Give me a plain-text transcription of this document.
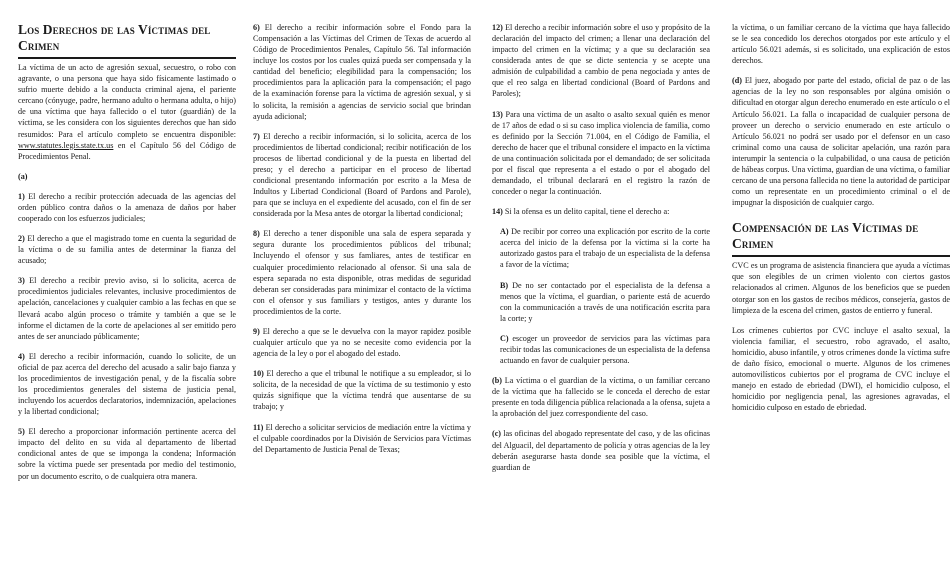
Los Derechos de las Víctimas del Crimen
La víctima de un acto de agresión sexual, secuestro, o robo con agravante, o una persona que haya sido físicamente lastimado o sufrio muerte debido a la conducta criminal ajena, el pariente cercano (cónyuge, padre, hermano adulto o hermana adulta, o hijo) de una víctima que haya fallecido o el tutor (guardián) de la víctima, se les considera con los siguientes derechos que han sido resumidos: Para el artículo completo se encuentra disponible: www.statutes.legis.state.tx.us en el Capítulo 56 del Código de Procedimientos Penal.
(a)
1) El derecho a recibir protección adecuada de las agencias del orden público contra daños o la amenaza de daños por haber cooperado con los esfuerzos judiciales;
2) El derecho a que el magistrado tome en cuenta la seguridad de la víctima o de su familia antes de determinar la fianza del acusado;
3) El derecho a recibir previo aviso, si lo solicita, acerca de procedimientos judiciales relevantes, inclusive procedimientos de apelación, cancelaciones y cualquier cambio a las fechas en que se llevará acabo algún proceso o trámite y también a que se le informe el dictamen de la corte de apelaciones al ser emitido pero antes de ser anunciado públicamente;
4) El derecho a recibir información, cuando lo solicite, de un oficial de paz acerca del derecho del acusado a salir bajo fianza y los procedimientos de investigación penal, y de la fiscalía sobre los procedimientos generales del sistema de justicia penal, incluyendo los acuerdos declaratorios, indemnización, apelaciones y la libertad condicional;
5) El derecho a proporcionar información pertinente acerca del impacto del delito en su vida al departamento de libertad condicional antes de que se imponga la condena; Información sobre la víctima puede ser presentada por medio del testimonio, por un documento escrito, o de cualquiera otra manera.
6) El derecho a recibir información sobre el Fondo para la Compensación a las Víctimas del Crimen de Texas de acuerdo al Código de Procedimientos Penales, Capítulo 56. Tal información incluye los costos por los cuales quizá pueda ser compensada y la cantidad del beneficio; elegibilidad para la compensación; los procedimientos para la aplicación para la compensación; el pago de la examinación forense para la víctima de agresión sexual, y si lo solicita, la remisión a agencias de servicio social que brindan ayuda adicional;
7) El derecho a recibir información, si lo solicita, acerca de los procedimientos de libertad condicional; recibir notificación de los procesos de libertad condicional y de la puesta en libertad del preso; y el derecho a participar en el proceso de libertad condicional presentando información por escrito a la Mesa de Indultos y Libertad Condicional (Board of Pardons and Parole), para que se incluya en el expediente del acusado, con el fin de ser considerada por la Mesa antes de otorgar la libertad condicional;
8) El derecho a tener disponible una sala de espera separada y segura durante los procedimientos públicos del tribunal; Incluyendo el ofensor y sus famliares, antes de testificar en cualquier procedimiento relacionado al ofensor. Si una sala de espera separada no esta disponible, otras medidas de seguridad deberan ser consideradas para minimizar el contacto de la víctima con el ofensor y sus familiars y testigos, antes y durante los procedimientos de la corte.
9) El derecho a que se le devuelva con la mayor rapidez posible cualquier artículo que ya no se necesite como evidencia por la agencia de la ley o por el abogado del estado.
10) El derecho a que el tribunal le notifique a su empleador, si lo solicita, de la necesidad de que la víctima de su testimonio y esto quizás signifique que la víctima tendrá que ausentarse de su trabajo; y
11) El derecho a solicitar servicios de mediación entre la víctima y el culpable coordinados por la División de Servicios para Víctimas del Departamento de Justicia Penal de Texas;
12) El derecho a recibir información sobre el uso y propósito de la declaración del impacto del crimen; a llenar una declaración del impacto del crimen en la víctima; y a que su declaración sea considerada antes de que se dicte sentencia y se acepte una admisión de culpabilidad a cambio de pena negociada y antes de que el reo salga en libertad condicional (Board of Pardons and Paroles);
13) Para una víctima de un asalto o asalto sexual quién es menor de 17 años de edad o si su caso implica violencia de familia, como es definido por la Sección 71.004, en el Código de Familia, el derecho de hacer que el tribunal considere el impacto en la víctima de una continuación solicitada por el demandado; de ser solicitada por el fiscal que representa a el estado o por el abogado del demandado, el tribunal declarará en el registro la razón de conceder o negar la continuación.
14) Si la ofensa es un delito capital, tiene el derecho a:
A) De recibir por correo una explicación por escrito de la corte acerca del inicio de la defensa por la víctima si la corte ha autorizado gastos para el trabajo de un especialista de la defensa a favor de la víctima;
B) De no ser contactado por el especialista de la defensa a menos que la víctima, el guardian, o pariente está de acuerdo con la communicación a través de una notificación escrita para la corte; y
C) escoger un proveedor de servicios para las víctimas para recibir todas las comunicaciones de un especialista de la defensa actuando en favor de cualquier persona.
(b) La víctima o el guardian de la víctima, o un familiar cercano de la víctima que ha fallecido se le conceda el derecho de estar presente en toda diligencia pública relacionada a la ofensa, sujeta a la aprobación del juez correspondiente del caso.
(c) las oficinas del abogado representate del caso, y de las oficinas del Alguacil, del departamento de policía y otras agencias de la ley deberán asegurarse hasta donde sea posible que la víctima, el guardian de
la víctima, o un familiar cercano de la víctima que haya fallecido se le sea concedido los derechos otorgados por este artículo y el artículo 56.021 además, si es solicitado, una explicación de estos derechos.
(d) El juez, abogado por parte del estado, oficial de paz o de las agencias de la ley no son responsables por algúna omisión o dificultad en otorgar algun derecho enumerado en este artículo o el Artículo 56.021. La falla o incapacidad de cualquier persona de proveer un derecho o servicio enumerado en este artículo o Artículo 56.021 no podrá ser usado por el defensor en un caso criminal como una causa de solicitar apelación, una razón para interumpir la sentencia o la culpabilidad, o una causa de petición de hábeas corpus. Una víctima, guardian de una víctima, o familiar cercano de una persona fallecida no tiene la autoridad de participar como un representate en un procedimiento criminal o el de impugnar la disposición de cualquier cargo.
Compensación de las Víctimas de Crimen
CVC es un programa de asistencia financiera que ayuda a víctimas que son elegibles de un crimen violento con ciertos gastos relacionados al crimen. Algunos de los beneficios que se pueden otorgar son en los gastos de recibos médicos, consejería, gastos de limpieza de la escena del crimen, gastos de entierro y funeral.
Los crímenes cubiertos por CVC incluye el asalto sexual, la violencia familiar, el secuestro, robo agravado, el asalto, homicidio, abuso infantile, y otros crímenes donde la víctima sufre de daño físico, emocional o muerte. Algunos de los crimenes automovilísticos cubiertos por el programa de CVC incluye el manejo en estado de ebriedad (DWI), el homicidio culposo, el homicidio por negligencia penal, las agresiones agravadas, el homicidio culposo en estado de ebriedad.
